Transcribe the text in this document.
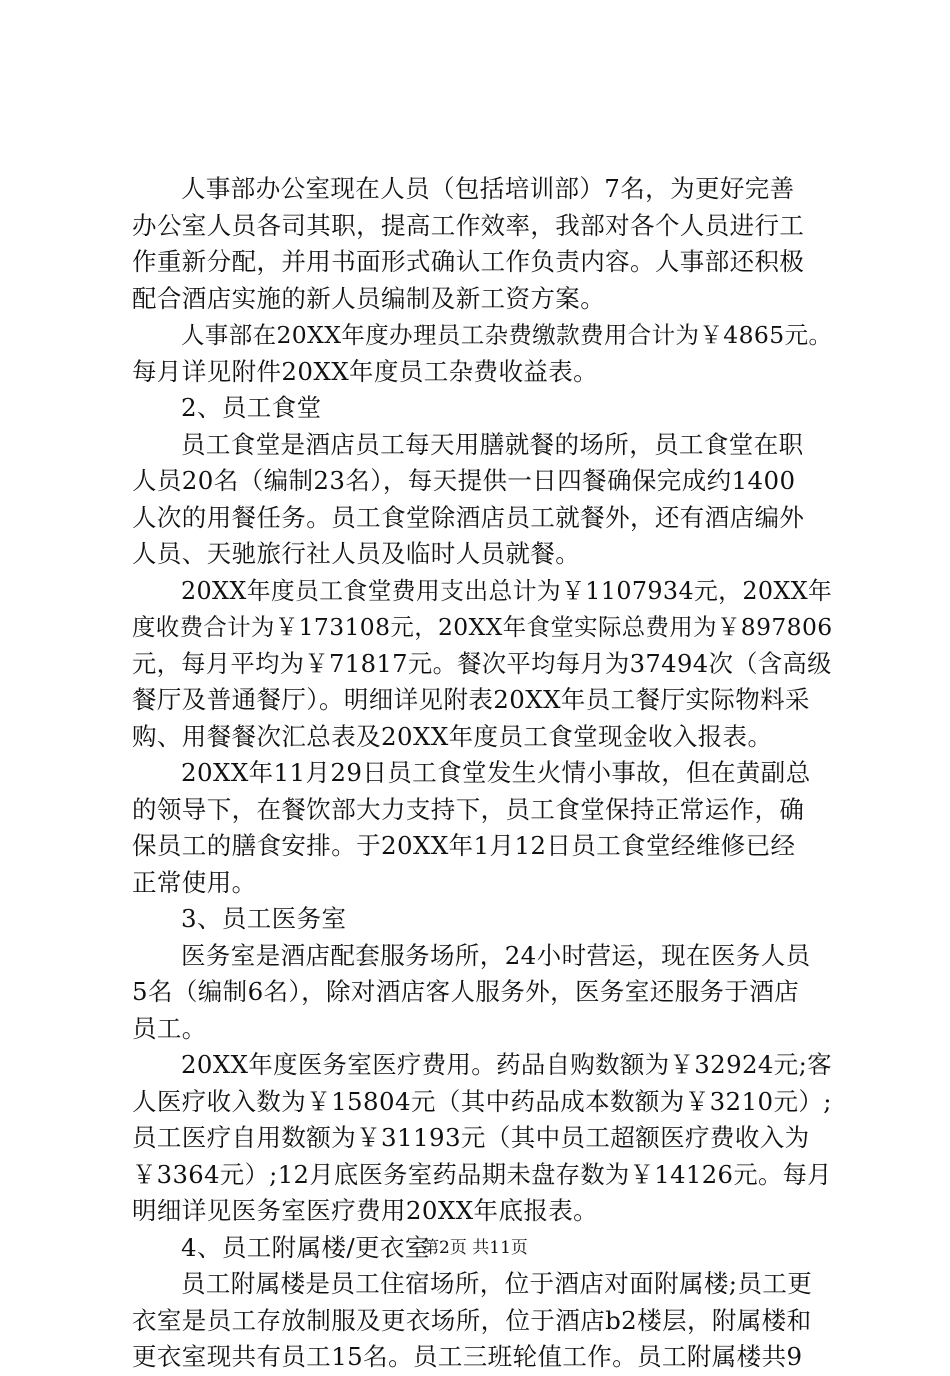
人事部办公室现在人员（包括培训部）7名，为更好完善
办公室人员各司其职，提高工作效率，我部对各个人员进行工
作重新分配，并用书面形式确认工作负责内容。人事部还积极
配合酒店实施的新人员编制及新工资方案。
人事部在20XX年度办理员工杂费缴款费用合计为￥4865元。
每月详见附件20XX年度员工杂费收益表。
2、员工食堂
员工食堂是酒店员工每天用膳就餐的场所，员工食堂在职
人员20名（编制23名），每天提供一日四餐确保完成约1400
人次的用餐任务。员工食堂除酒店员工就餐外，还有酒店编外
人员、天驰旅行社人员及临时人员就餐。
20XX年度员工食堂费用支出总计为￥1107934元，20XX年
度收费合计为￥173108元，20XX年食堂实际总费用为￥897806
元，每月平均为￥71817元。餐次平均每月为37494次（含高级
餐厅及普通餐厅）。明细详见附表20XX年员工餐厅实际物料采
购、用餐餐次汇总表及20XX年度员工食堂现金收入报表。
20XX年11月29日员工食堂发生火情小事故，但在黄副总
的领导下，在餐饮部大力支持下，员工食堂保持正常运作，确
保员工的膳食安排。于20XX年1月12日员工食堂经维修已经
正常使用。
3、员工医务室
医务室是酒店配套服务场所，24小时营运，现在医务人员
5名（编制6名），除对酒店客人服务外，医务室还服务于酒店
员工。
20XX年度医务室医疗费用。药品自购数额为￥32924元;客
人医疗收入数为￥15804元（其中药品成本数额为￥3210元）;
员工医疗自用数额为￥31193元（其中员工超额医疗费收入为
￥3364元）;12月底医务室药品期未盘存数为￥14126元。每月
明细详见医务室医疗费用20XX年底报表。
4、员工附属楼/更衣室
员工附属楼是员工住宿场所，位于酒店对面附属楼;员工更
衣室是员工存放制服及更衣场所，位于酒店b2楼层，附属楼和
更衣室现共有员工15名。员工三班轮值工作。员工附属楼共9
第2页 共11页
